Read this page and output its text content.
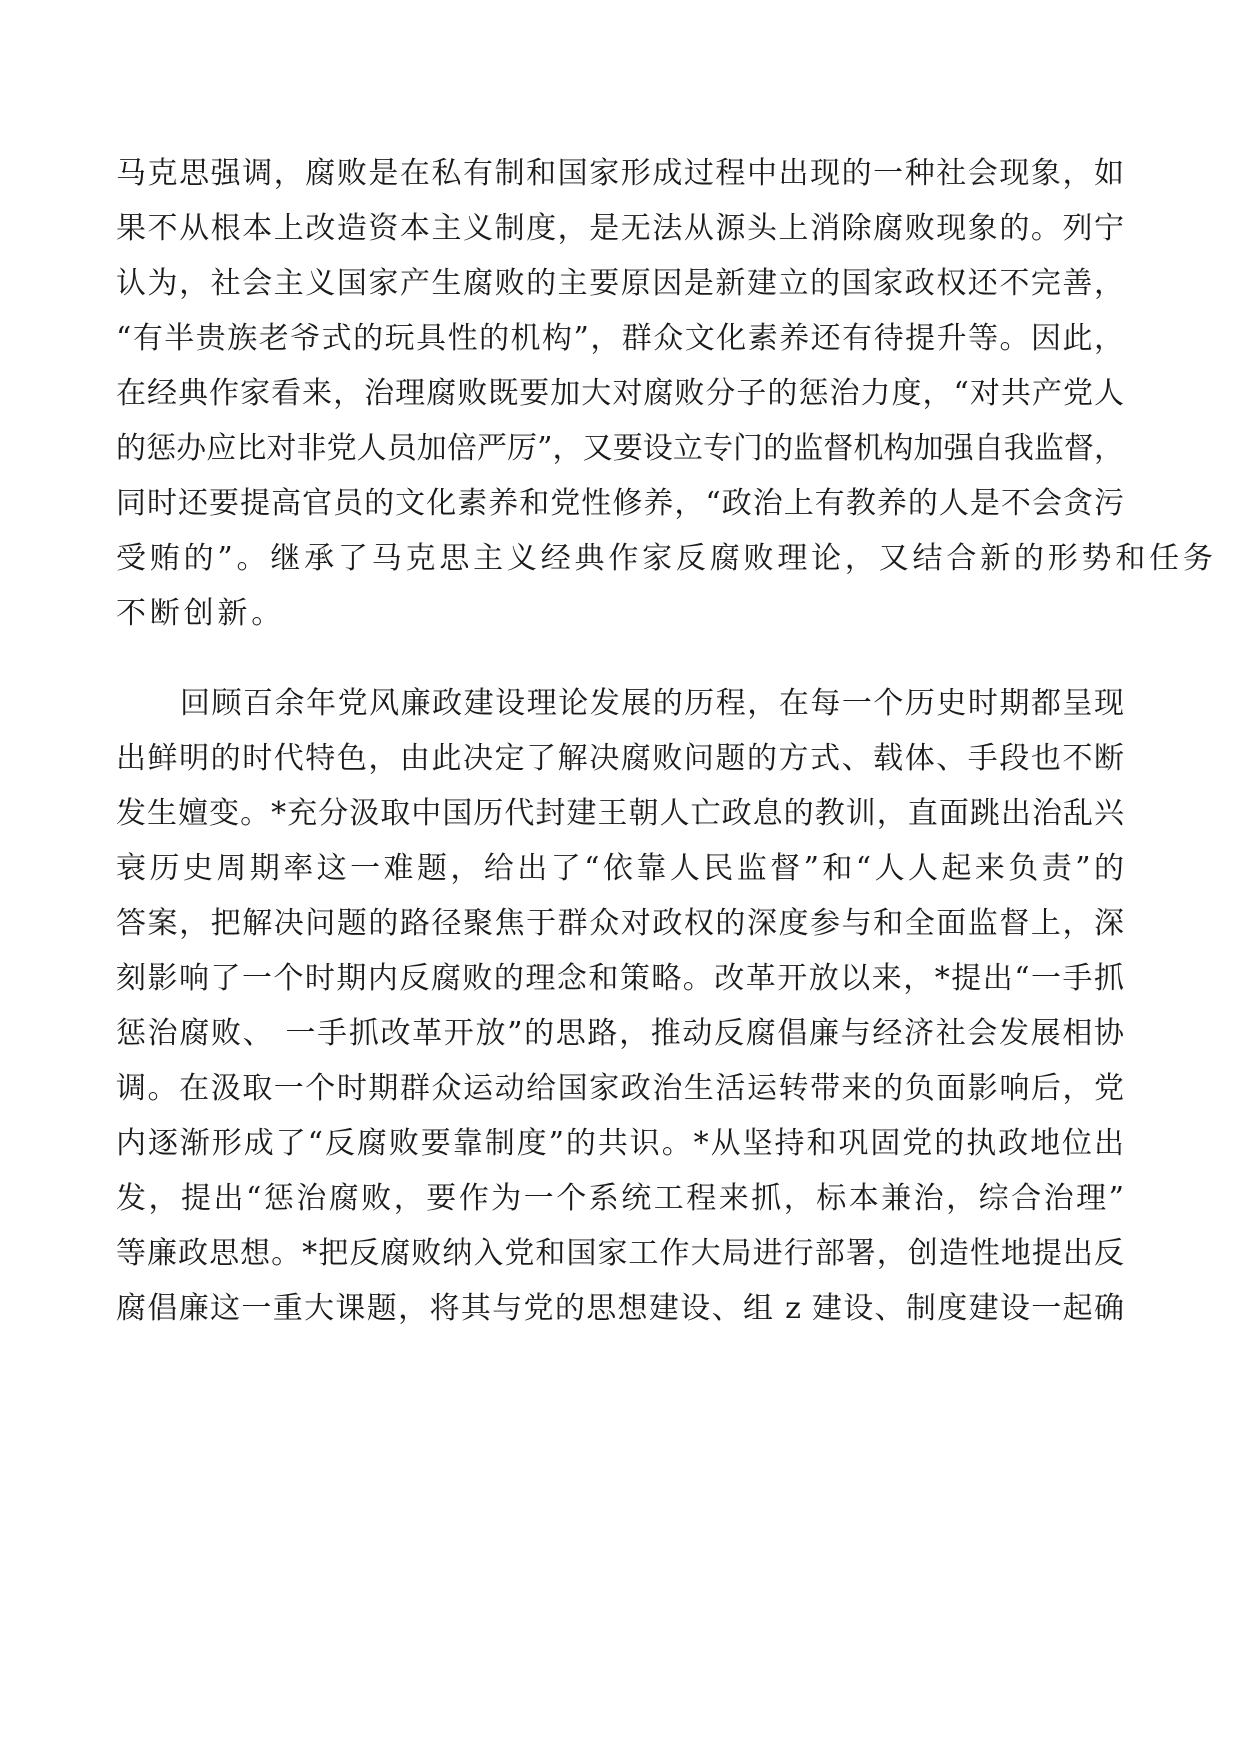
马克思强调，腐败是在私有制和国家形成过程中出现的一种社会现象，如
果不从根本上改造资本主义制度，是无法从源头上消除腐败现象的。列宁
认为，社会主义国家产生腐败的主要原因是新建立的国家政权还不完善，
“有半贵族老爷式的玩具性的机构”，群众文化素养还有待提升等。因此，
在经典作家看来，治理腐败既要加大对腐败分子的惩治力度，“对共产党人
的惩办应比对非党人员加倍严厉”，又要设立专门的监督机构加强自我监督，
同时还要提高官员的文化素养和党性修养，“政治上有教养的人是不会贪污
受贿的”。继承了马克思主义经典作家反腐败理论，又结合新的形势和任务
不断创新。
回顾百余年党风廉政建设理论发展的历程，在每一个历史时期都呈现
出鲜明的时代特色，由此决定了解决腐败问题的方式、载体、手段也不断
发生嬗变。*充分汲取中国历代封建王朝人亡政息的教训，直面跳出治乱兴
衰历史周期率这一难题，给出了“依靠人民监督”和“人人起来负责”的
答案，把解决问题的路径聚焦于群众对政权的深度参与和全面监督上，深
刻影响了一个时期内反腐败的理念和策略。改革开放以来，*提出“一手抓
惩治腐败、 一手抓改革开放”的思路，推动反腐倡廉与经济社会发展相协
调。在汲取一个时期群众运动给国家政治生活运转带来的负面影响后，党
内逐渐形成了“反腐败要靠制度”的共识。*从坚持和巩固党的执政地位出
发，提出“惩治腐败，要作为一个系统工程来抓，标本兼治，综合治理”
等廉政思想。*把反腐败纳入党和国家工作大局进行部署，创造性地提出反
腐倡廉这一重大课题，将其与党的思想建设、组 z 建设、制度建设一起确
